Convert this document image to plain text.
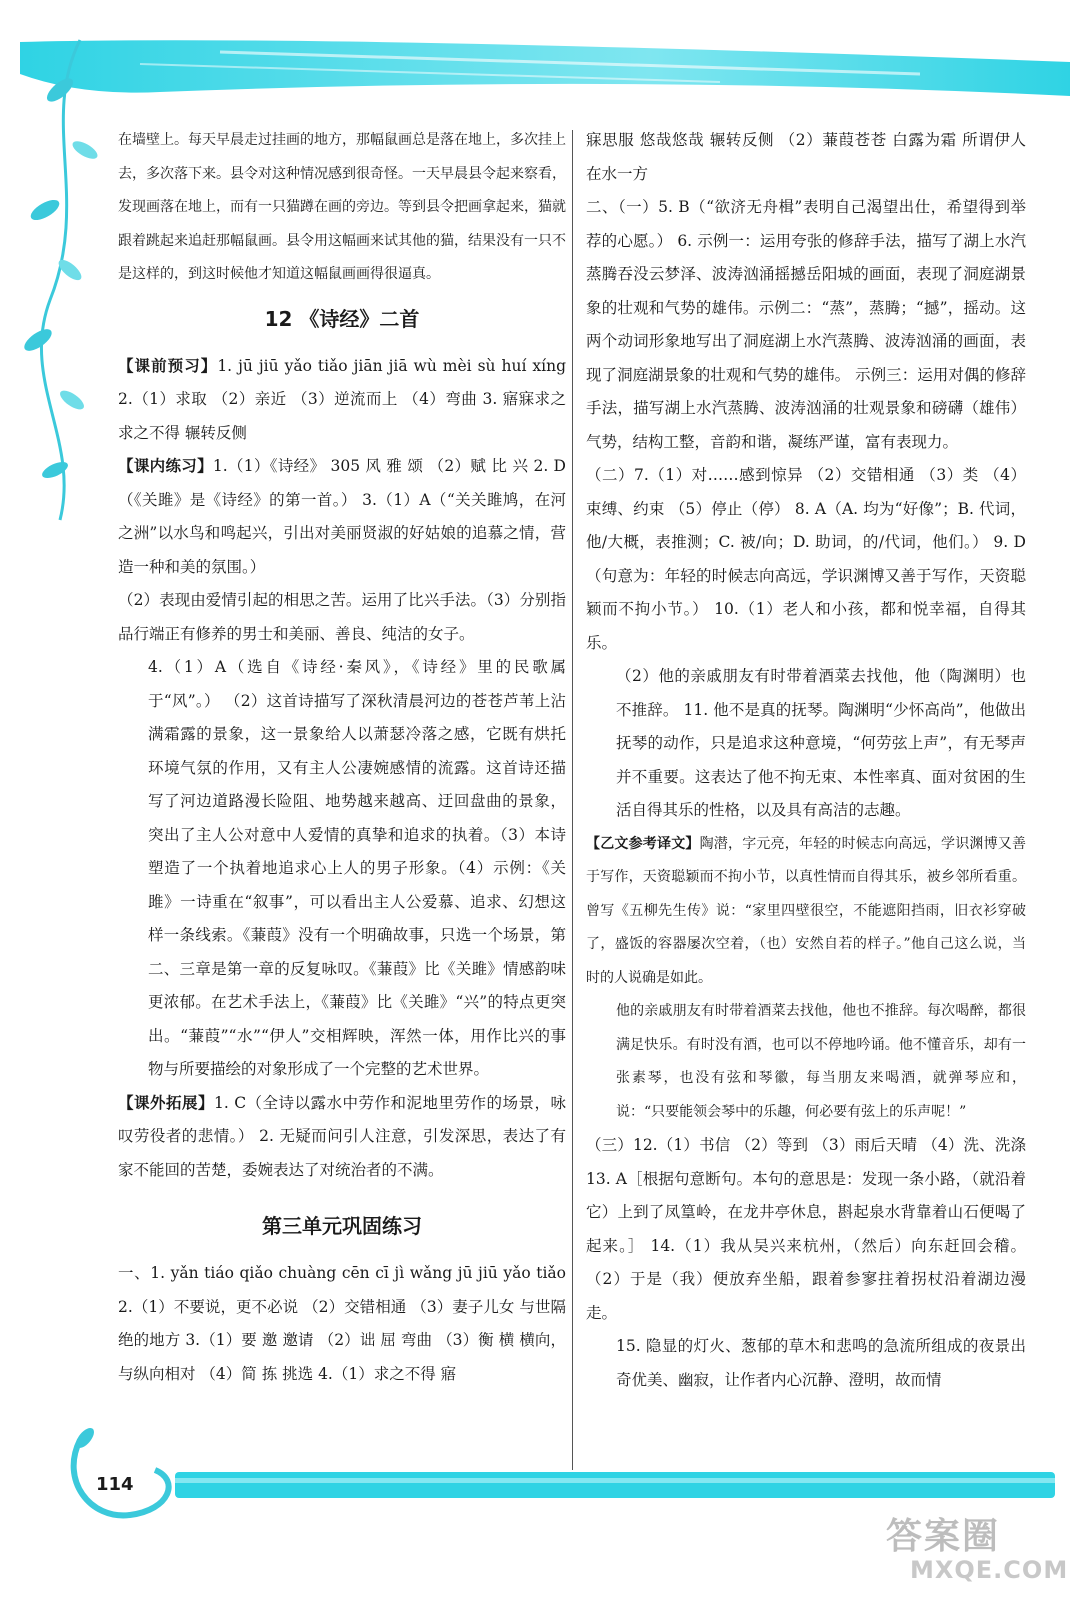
在墙壁上。每天早晨走过挂画的地方，那幅鼠画总是落在地上，多次挂上去，多次落下来。县令对这种情况感到很奇怪。一天早晨县令起来察看，发现画落在地上，而有一只猫蹲在画的旁边。等到县令把画拿起来，猫就跟着跳起来追赶那幅鼠画。县令用这幅画来试其他的猫，结果没有一只不是这样的，到这时候他才知道这幅鼠画画得很逼真。

12 《诗经》二首

【课前预习】1. jū jiū yǎo tiǎo jiān jiā wù mèi sù huí xíng 2.（1）求取 （2）亲近 （3）逆流而上 （4）弯曲 3. 寤寐求之 求之不得 辗转反侧

【课内练习】1.（1）《诗经》 305 风 雅 颂 （2）赋 比 兴 2. D（《关雎》是《诗经》的第一首。） 3.（1）A（“关关雎鸠，在河之洲”以水鸟和鸣起兴，引出对美丽贤淑的好姑娘的追慕之情，营造一种和美的氛围。）

（2）表现由爱情引起的相思之苦。运用了比兴手法。（3）分别指品行端正有修养的男士和美丽、善良、纯洁的女子。

4.（1）A（选自《诗经·秦风》，《诗经》里的民歌属于“风”。） （2）这首诗描写了深秋清晨河边的苍苍芦苇上沾满霜露的景象，这一景象给人以萧瑟冷落之感，它既有烘托环境气氛的作用，又有主人公凄婉感情的流露。这首诗还描写了河边道路漫长险阻、地势越来越高、迂回盘曲的景象，突出了主人公对意中人爱情的真挚和追求的执着。（3）本诗塑造了一个执着地追求心上人的男子形象。（4）示例：《关雎》一诗重在“叙事”，可以看出主人公爱慕、追求、幻想这样一条线索。《蒹葭》没有一个明确故事，只选一个场景，第二、三章是第一章的反复咏叹。《蒹葭》比《关雎》情感韵味更浓郁。在艺术手法上，《蒹葭》比《关雎》“兴”的特点更突出。“蒹葭”“水”“伊人”交相辉映，浑然一体，用作比兴的事物与所要描绘的对象形成了一个完整的艺术世界。

【课外拓展】1. C（全诗以露水中劳作和泥地里劳作的场景，咏叹劳役者的悲情。） 2. 无疑而问引人注意，引发深思，表达了有家不能回的苦楚，委婉表达了对统治者的不满。

第三单元巩固练习

一、1. yǎn tiáo qiǎo chuàng cēn cī jì wǎng jū jiū yǎo tiǎo 2.（1）不要说，更不必说 （2）交错相通 （3）妻子儿女 与世隔绝的地方 3.（1）要 邀 邀请 （2）诎 屈 弯曲 （3）衡 横 横向，与纵向相对 （4）简 拣 挑选 4.（1）求之不得 寤

寐思服 悠哉悠哉 辗转反侧 （2）蒹葭苍苍 白露为霜 所谓伊人 在水一方

二、（一）5. B（“欲济无舟楫”表明自己渴望出仕，希望得到举荐的心愿。） 6. 示例一：运用夸张的修辞手法，描写了湖上水汽蒸腾吞没云梦泽、波涛汹涌摇撼岳阳城的画面，表现了洞庭湖景象的壮观和气势的雄伟。示例二：“蒸”，蒸腾；“撼”，摇动。这两个动词形象地写出了洞庭湖上水汽蒸腾、波涛汹涌的画面，表现了洞庭湖景象的壮观和气势的雄伟。 示例三：运用对偶的修辞手法，描写湖上水汽蒸腾、波涛汹涌的壮观景象和磅礴（雄伟）气势，结构工整，音韵和谐，凝练严谨，富有表现力。

（二）7.（1）对……感到惊异 （2）交错相通 （3）类 （4）束缚、约束 （5）停止（停） 8. A（A. 均为“好像”；B. 代词，他/大概，表推测；C. 被/向；D. 助词，的/代词，他们。） 9. D（句意为：年轻的时候志向高远，学识渊博又善于写作，天资聪颖而不拘小节。） 10.（1）老人和小孩，都和悦幸福，自得其乐。

（2）他的亲戚朋友有时带着酒菜去找他，他（陶渊明）也不推辞。 11. 他不是真的抚琴。陶渊明“少怀高尚”，他做出抚琴的动作，只是追求这种意境，“何劳弦上声”，有无琴声并不重要。这表达了他不拘无束、本性率真、面对贫困的生活自得其乐的性格，以及具有高洁的志趣。

【乙文参考译文】陶潜，字元亮，年轻的时候志向高远，学识渊博又善于写作，天资聪颖而不拘小节，以真性情而自得其乐，被乡邻所看重。曾写《五柳先生传》说：“家里四壁很空，不能遮阳挡雨，旧衣衫穿破了，盛饭的容器屡次空着，（也）安然自若的样子。”他自己这么说，当时的人说确是如此。

他的亲戚朋友有时带着酒菜去找他，他也不推辞。每次喝醉，都很满足快乐。有时没有酒，也可以不停地吟诵。他不懂音乐，却有一张素琴，也没有弦和琴徽，每当朋友来喝酒，就弹琴应和，说：“只要能领会琴中的乐趣，何必要有弦上的乐声呢！”

（三）12.（1）书信 （2）等到 （3）雨后天晴 （4）洗、洗涤 13. A［根据句意断句。本句的意思是：发现一条小路，（就沿着它）上到了凤篁岭，在龙井亭休息，斟起泉水背靠着山石便喝了起来。］ 14.（1）我从吴兴来杭州，（然后）向东赶回会稽。 （2）于是（我）便放弃坐船，跟着参寥拄着拐杖沿着湖边漫走。

15. 隐显的灯火、葱郁的草木和悲鸣的急流所组成的夜景出奇优美、幽寂，让作者内心沉静、澄明，故而情

114
答案圈
MXQE.COM
